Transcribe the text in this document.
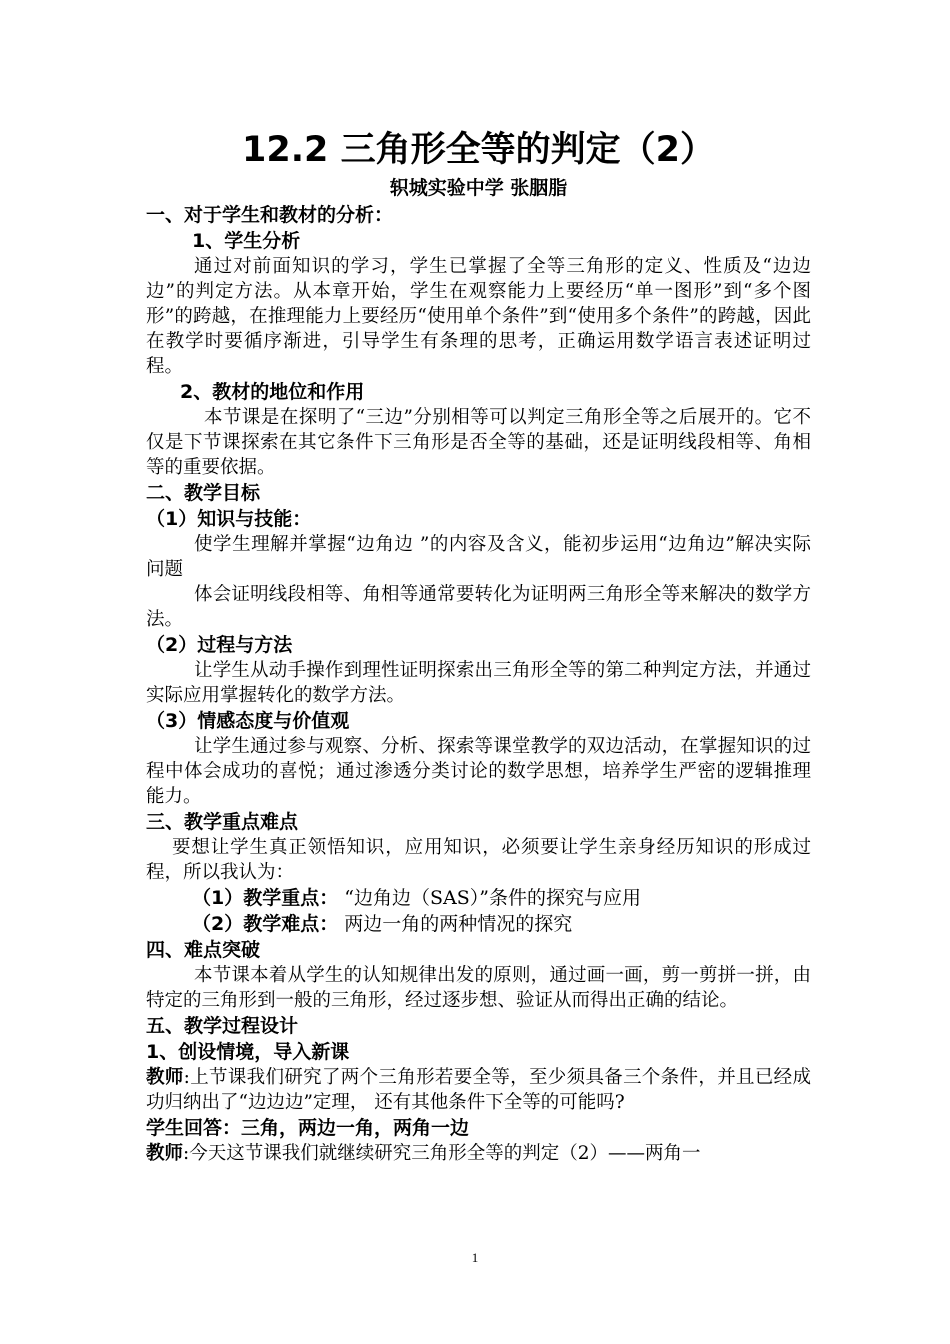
12.2 三角形全等的判定（2）

轵城实验中学 张胭脂

一、对于学生和教材的分析：

1、学生分析

通过对前面知识的学习，学生已掌握了全等三角形的定义、性质及“边边边”的判定方法。从本章开始，学生在观察能力上要经历“单一图形”到“多个图形”的跨越，在推理能力上要经历“使用单个条件”到“使用多个条件”的跨越，因此在教学时要循序渐进，引导学生有条理的思考，正确运用数学语言表述证明过程。

2、教材的地位和作用

本节课是在探明了“三边”分别相等可以判定三角形全等之后展开的。它不仅是下节课探索在其它条件下三角形是否全等的基础，还是证明线段相等、角相等的重要依据。

二、教学目标

（1）知识与技能：

使学生理解并掌握“边角边 ”的内容及含义，能初步运用“边角边”解决实际问题

体会证明线段相等、角相等通常要转化为证明两三角形全等来解决的数学方法。

（2）过程与方法

让学生从动手操作到理性证明探索出三角形全等的第二种判定方法，并通过实际应用掌握转化的数学方法。

（3）情感态度与价值观

让学生通过参与观察、分析、探索等课堂教学的双边活动，在掌握知识的过程中体会成功的喜悦；通过渗透分类讨论的数学思想，培养学生严密的逻辑推理能力。

三、教学重点难点

要想让学生真正领悟知识，应用知识，必须要让学生亲身经历知识的形成过程，所以我认为：

（1）教学重点： “边角边（SAS）”条件的探究与应用

（2）教学难点： 两边一角的两种情况的探究

四、难点突破

本节课本着从学生的认知规律出发的原则，通过画一画，剪一剪拼一拼，由特定的三角形到一般的三角形，经过逐步想、验证从而得出正确的结论。

五、教学过程设计

1、创设情境，导入新课

教师:上节课我们研究了两个三角形若要全等，至少须具备三个条件，并且已经成功归纳出了“边边边”定理， 还有其他条件下全等的可能吗?

学生回答：三角，两边一角，两角一边

教师:今天这节课我们就继续研究三角形全等的判定（2）——两角一

1
